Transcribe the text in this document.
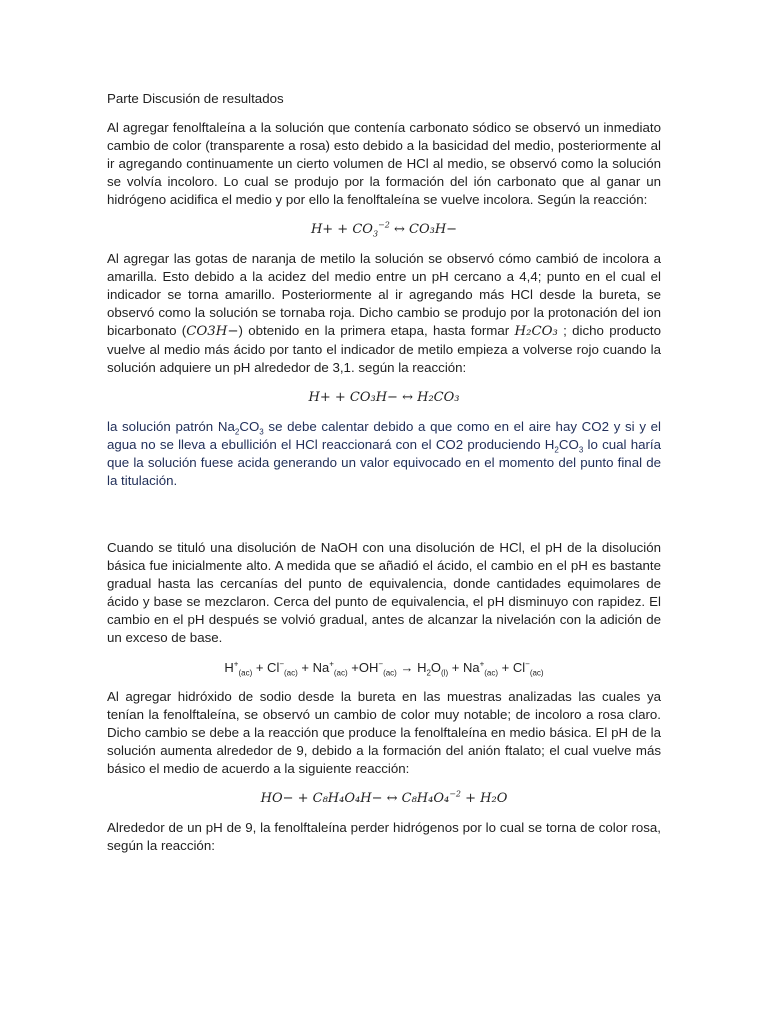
Parte Discusión de resultados

Al agregar fenolftaleína a la solución que contenía carbonato sódico se observó un inmediato cambio de color (transparente a rosa) esto debido a la basicidad del medio, posteriormente al ir agregando continuamente un cierto volumen de HCl al medio, se observó como la solución se volvía incoloro. Lo cual se produjo por la formación del ión carbonato que al ganar un hidrógeno acidifica el medio y por ello la fenolftaleína se vuelve incolora. Según la reacción:

$H+ + CO_3^{-2}$ ↔ CO₃H−

Al agregar las gotas de naranja de metilo la solución se observó cómo cambió de incolora a amarilla. Esto debido a la acidez del medio entre un pH cercano a 4,4; punto en el cual el indicador se torna amarillo. Posteriormente al ir agregando más HCl desde la bureta, se observó como la solución se tornaba roja. Dicho cambio se produjo por la protonación del ion bicarbonato (CO3H−) obtenido en la primera etapa, hasta formar H₂CO₃ ; dicho producto vuelve al medio más ácido por tanto el indicador de metilo empieza a volverse rojo cuando la solución adquiere un pH alrededor de 3,1. según la reacción:

H+ + CO₃H− ↔ H₂CO₃

la solución patrón $Na_2CO_3$ se debe calentar debido a que como en el aire hay CO2 y si y el agua no se lleva a ebullición el HCl reaccionará con el CO2 produciendo $H_2CO_3$ lo cual haría que la solución fuese acida generando un valor equivocado en el momento del punto final de la titulación.

Cuando se tituló una disolución de NaOH con una disolución de HCl, el pH de la disolución básica fue inicialmente alto. A medida que se añadió el ácido, el cambio en el pH es bastante gradual hasta las cercanías del punto de equivalencia, donde cantidades equimolares de ácido y base se mezclaron. Cerca del punto de equivalencia, el pH disminuyo con rapidez. El cambio en el pH después se volvió gradual, antes de alcanzar la nivelación con la adición de un exceso de base.

$H^+_{(ac)} + Cl^-_{(ac)} + Na^+_{(ac)} +OH^-_{(ac)} \to H_2O_{(l)} + Na^+_{(ac)} + Cl^-_{(ac)}$

Al agregar hidróxido de sodio desde la bureta en las muestras analizadas las cuales ya tenían la fenolftaleína, se observó un cambio de color muy notable; de incoloro a rosa claro. Dicho cambio se debe a la reacción que produce la fenolftaleína en medio básica. El pH de la solución aumenta alrededor de 9, debido a la formación del anión ftalato; el cual vuelve más básico el medio de acuerdo a la siguiente reacción:

HO− + C₈H₄O₄H− ↔ C₈H₄O₄$^{-2}$ + H₂O

Alrededor de un pH de 9, la fenolftaleína perder hidrógenos por lo cual se torna de color rosa, según la reacción:
